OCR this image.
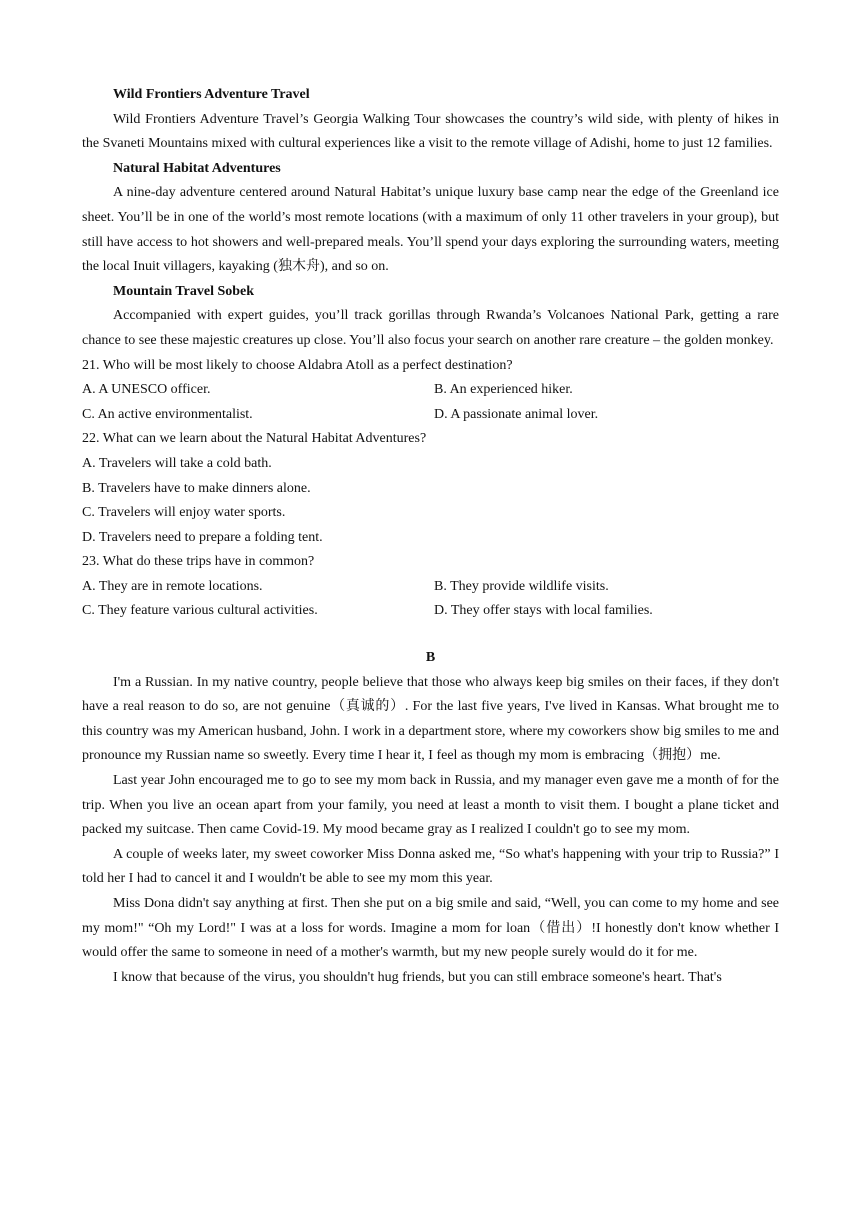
Wild Frontiers Adventure Travel

Wild Frontiers Adventure Travel’s Georgia Walking Tour showcases the country’s wild side, with plenty of hikes in the Svaneti Mountains mixed with cultural experiences like a visit to the remote village of Adishi, home to just 12 families.

Natural Habitat Adventures

A nine-day adventure centered around Natural Habitat’s unique luxury base camp near the edge of the Greenland ice sheet. You’ll be in one of the world’s most remote locations (with a maximum of only 11 other travelers in your group), but still have access to hot showers and well-prepared meals. You’ll spend your days exploring the surrounding waters, meeting the local Inuit villagers, kayaking (独木舟), and so on.

Mountain Travel Sobek

Accompanied with expert guides, you’ll track gorillas through Rwanda’s Volcanoes National Park, getting a rare chance to see these majestic creatures up close. You’ll also focus your search on another rare creature – the golden monkey.

21. Who will be most likely to choose Aldabra Atoll as a perfect destination?

A. A UNESCO officer.	B. An experienced hiker.
C. An active environmentalist.	D. A passionate animal lover.

22. What can we learn about the Natural Habitat Adventures?

A. Travelers will take a cold bath.

B. Travelers have to make dinners alone.

C. Travelers will enjoy water sports.

D. Travelers need to prepare a folding tent.

23. What do these trips have in common?

A. They are in remote locations.	B. They provide wildlife visits.
C. They feature various cultural activities.	D. They offer stays with local families.

B

I'm a Russian. In my native country, people believe that those who always keep big smiles on their faces, if they don't have a real reason to do so, are not genuine（真诚的）. For the last five years, I've lived in Kansas. What brought me to this country was my American husband, John. I work in a department store, where my coworkers show big smiles to me and pronounce my Russian name so sweetly. Every time I hear it, I feel as though my mom is embracing（拥抱）me.

Last year John encouraged me to go to see my mom back in Russia, and my manager even gave me a month of for the trip. When you live an ocean apart from your family, you need at least a month to visit them. I bought a plane ticket and packed my suitcase. Then came Covid-19. My mood became gray as I realized I couldn't go to see my mom.

A couple of weeks later, my sweet coworker Miss Donna asked me, “So what's happening with your trip to Russia?” I told her I had to cancel it and I wouldn't be able to see my mom this year.

Miss Dona didn't say anything at first. Then she put on a big smile and said, “Well, you can come to my home and see my mom!" “Oh my Lord!" I was at a loss for words. Imagine a mom for loan（借出）!I honestly don't know whether I would offer the same to someone in need of a mother's warmth, but my new people surely would do it for me.

I know that because of the virus, you shouldn't hug friends, but you can still embrace someone's heart. That's
